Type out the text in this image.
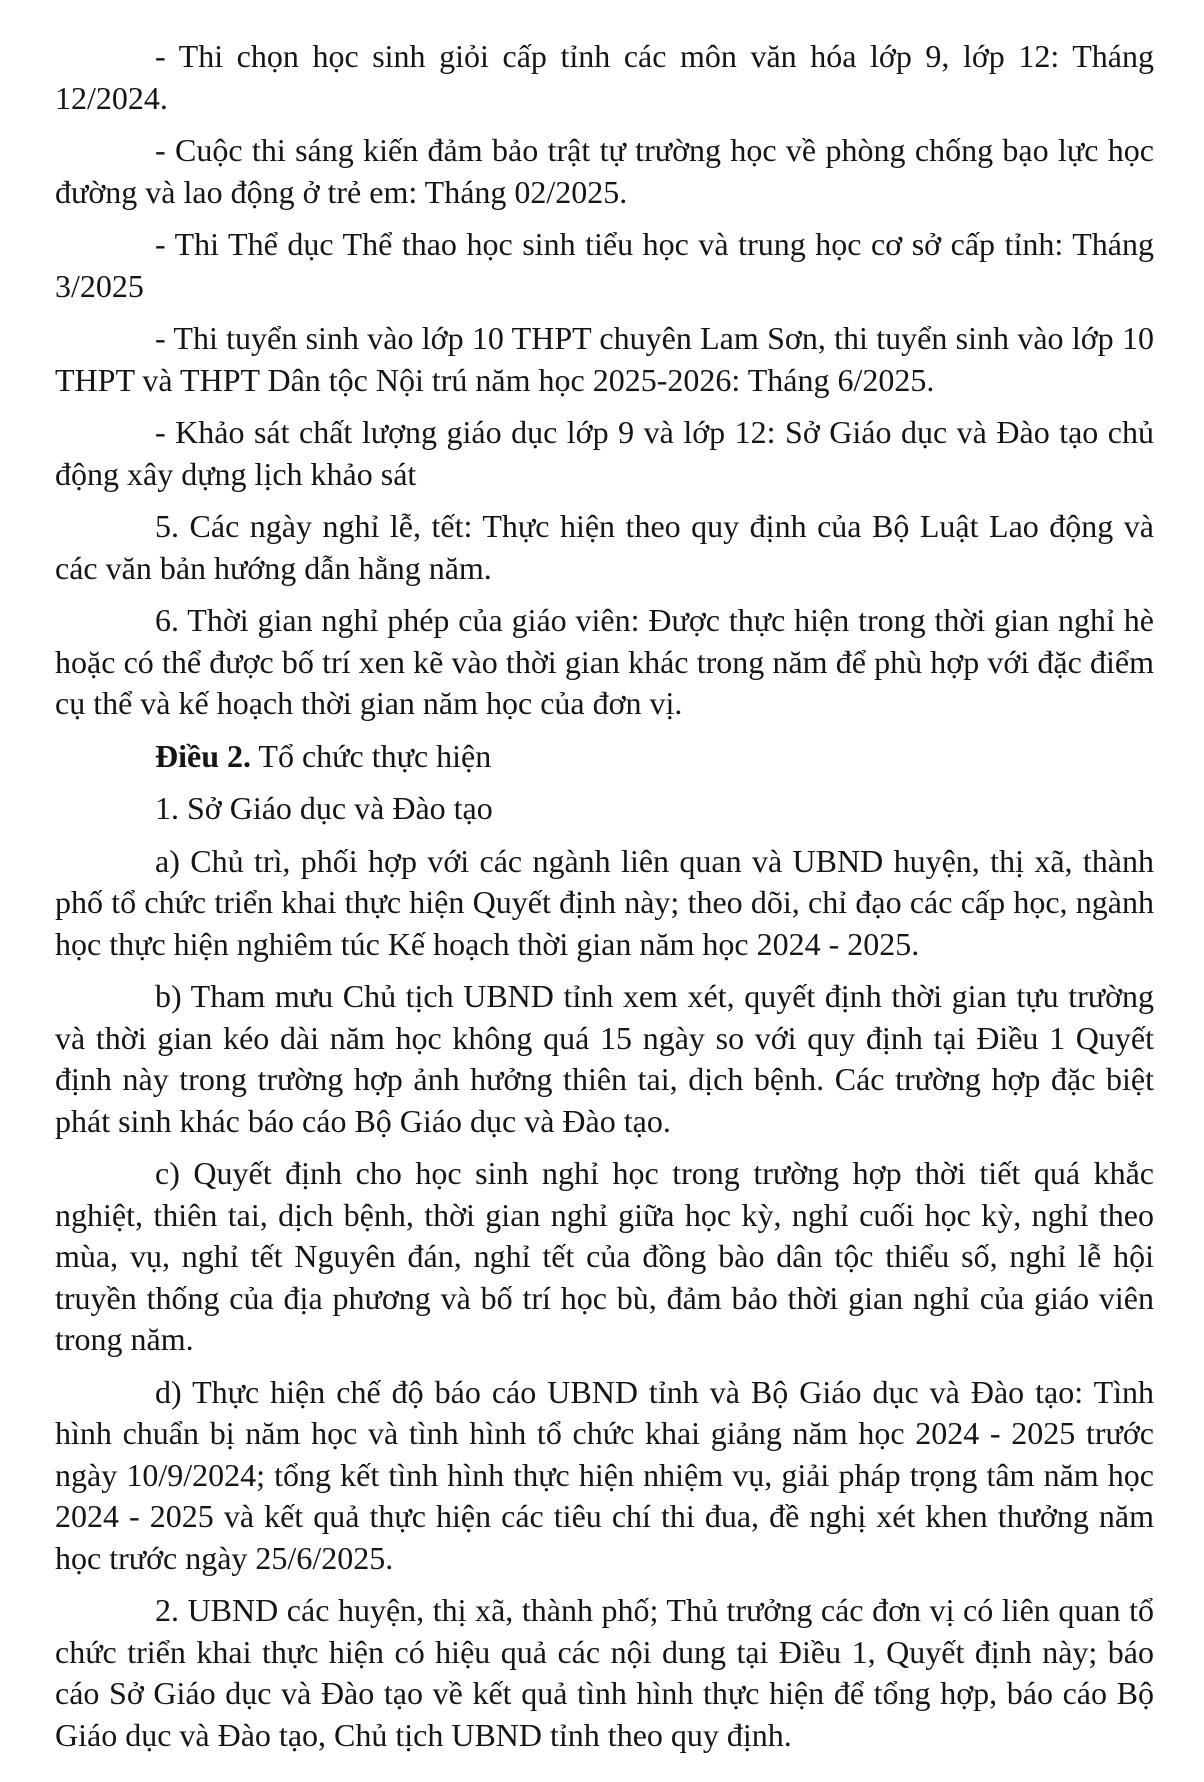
- Thi chọn học sinh giỏi cấp tỉnh các môn văn hóa lớp 9, lớp 12: Tháng 12/2024.

- Cuộc thi sáng kiến đảm bảo trật tự trường học về phòng chống bạo lực học đường và lao động ở trẻ em: Tháng 02/2025.

- Thi Thể dục Thể thao học sinh tiểu học và trung học cơ sở cấp tỉnh: Tháng 3/2025

- Thi tuyển sinh vào lớp 10 THPT chuyên Lam Sơn, thi tuyển sinh vào lớp 10 THPT và THPT Dân tộc Nội trú năm học 2025-2026: Tháng 6/2025.

- Khảo sát chất lượng giáo dục lớp 9 và lớp 12: Sở Giáo dục và Đào tạo chủ động xây dựng lịch khảo sát

5. Các ngày nghỉ lễ, tết: Thực hiện theo quy định của Bộ Luật Lao động và các văn bản hướng dẫn hằng năm.

6. Thời gian nghỉ phép của giáo viên: Được thực hiện trong thời gian nghỉ hè hoặc có thể được bố trí xen kẽ vào thời gian khác trong năm để phù hợp với đặc điểm cụ thể và kế hoạch thời gian năm học của đơn vị.

Điều 2. Tổ chức thực hiện

1. Sở Giáo dục và Đào tạo

a) Chủ trì, phối hợp với các ngành liên quan và UBND huyện, thị xã, thành phố tổ chức triển khai thực hiện Quyết định này; theo dõi, chỉ đạo các cấp học, ngành học thực hiện nghiêm túc Kế hoạch thời gian năm học 2024 - 2025.

b) Tham mưu Chủ tịch UBND tỉnh xem xét, quyết định thời gian tựu trường và thời gian kéo dài năm học không quá 15 ngày so với quy định tại Điều 1 Quyết định này trong trường hợp ảnh hưởng thiên tai, dịch bệnh. Các trường hợp đặc biệt phát sinh khác báo cáo Bộ Giáo dục và Đào tạo.

c) Quyết định cho học sinh nghỉ học trong trường hợp thời tiết quá khắc nghiệt, thiên tai, dịch bệnh, thời gian nghỉ giữa học kỳ, nghỉ cuối học kỳ, nghỉ theo mùa, vụ, nghỉ tết Nguyên đán, nghỉ tết của đồng bào dân tộc thiểu số, nghỉ lễ hội truyền thống của địa phương và bố trí học bù, đảm bảo thời gian nghỉ của giáo viên trong năm.

d) Thực hiện chế độ báo cáo UBND tỉnh và Bộ Giáo dục và Đào tạo: Tình hình chuẩn bị năm học và tình hình tổ chức khai giảng năm học 2024 - 2025 trước ngày 10/9/2024; tổng kết tình hình thực hiện nhiệm vụ, giải pháp trọng tâm năm học 2024 - 2025 và kết quả thực hiện các tiêu chí thi đua, đề nghị xét khen thưởng năm học trước ngày 25/6/2025.

2. UBND các huyện, thị xã, thành phố; Thủ trưởng các đơn vị có liên quan tổ chức triển khai thực hiện có hiệu quả các nội dung tại Điều 1, Quyết định này; báo cáo Sở Giáo dục và Đào tạo về kết quả tình hình thực hiện để tổng hợp, báo cáo Bộ Giáo dục và Đào tạo, Chủ tịch UBND tỉnh theo quy định.
